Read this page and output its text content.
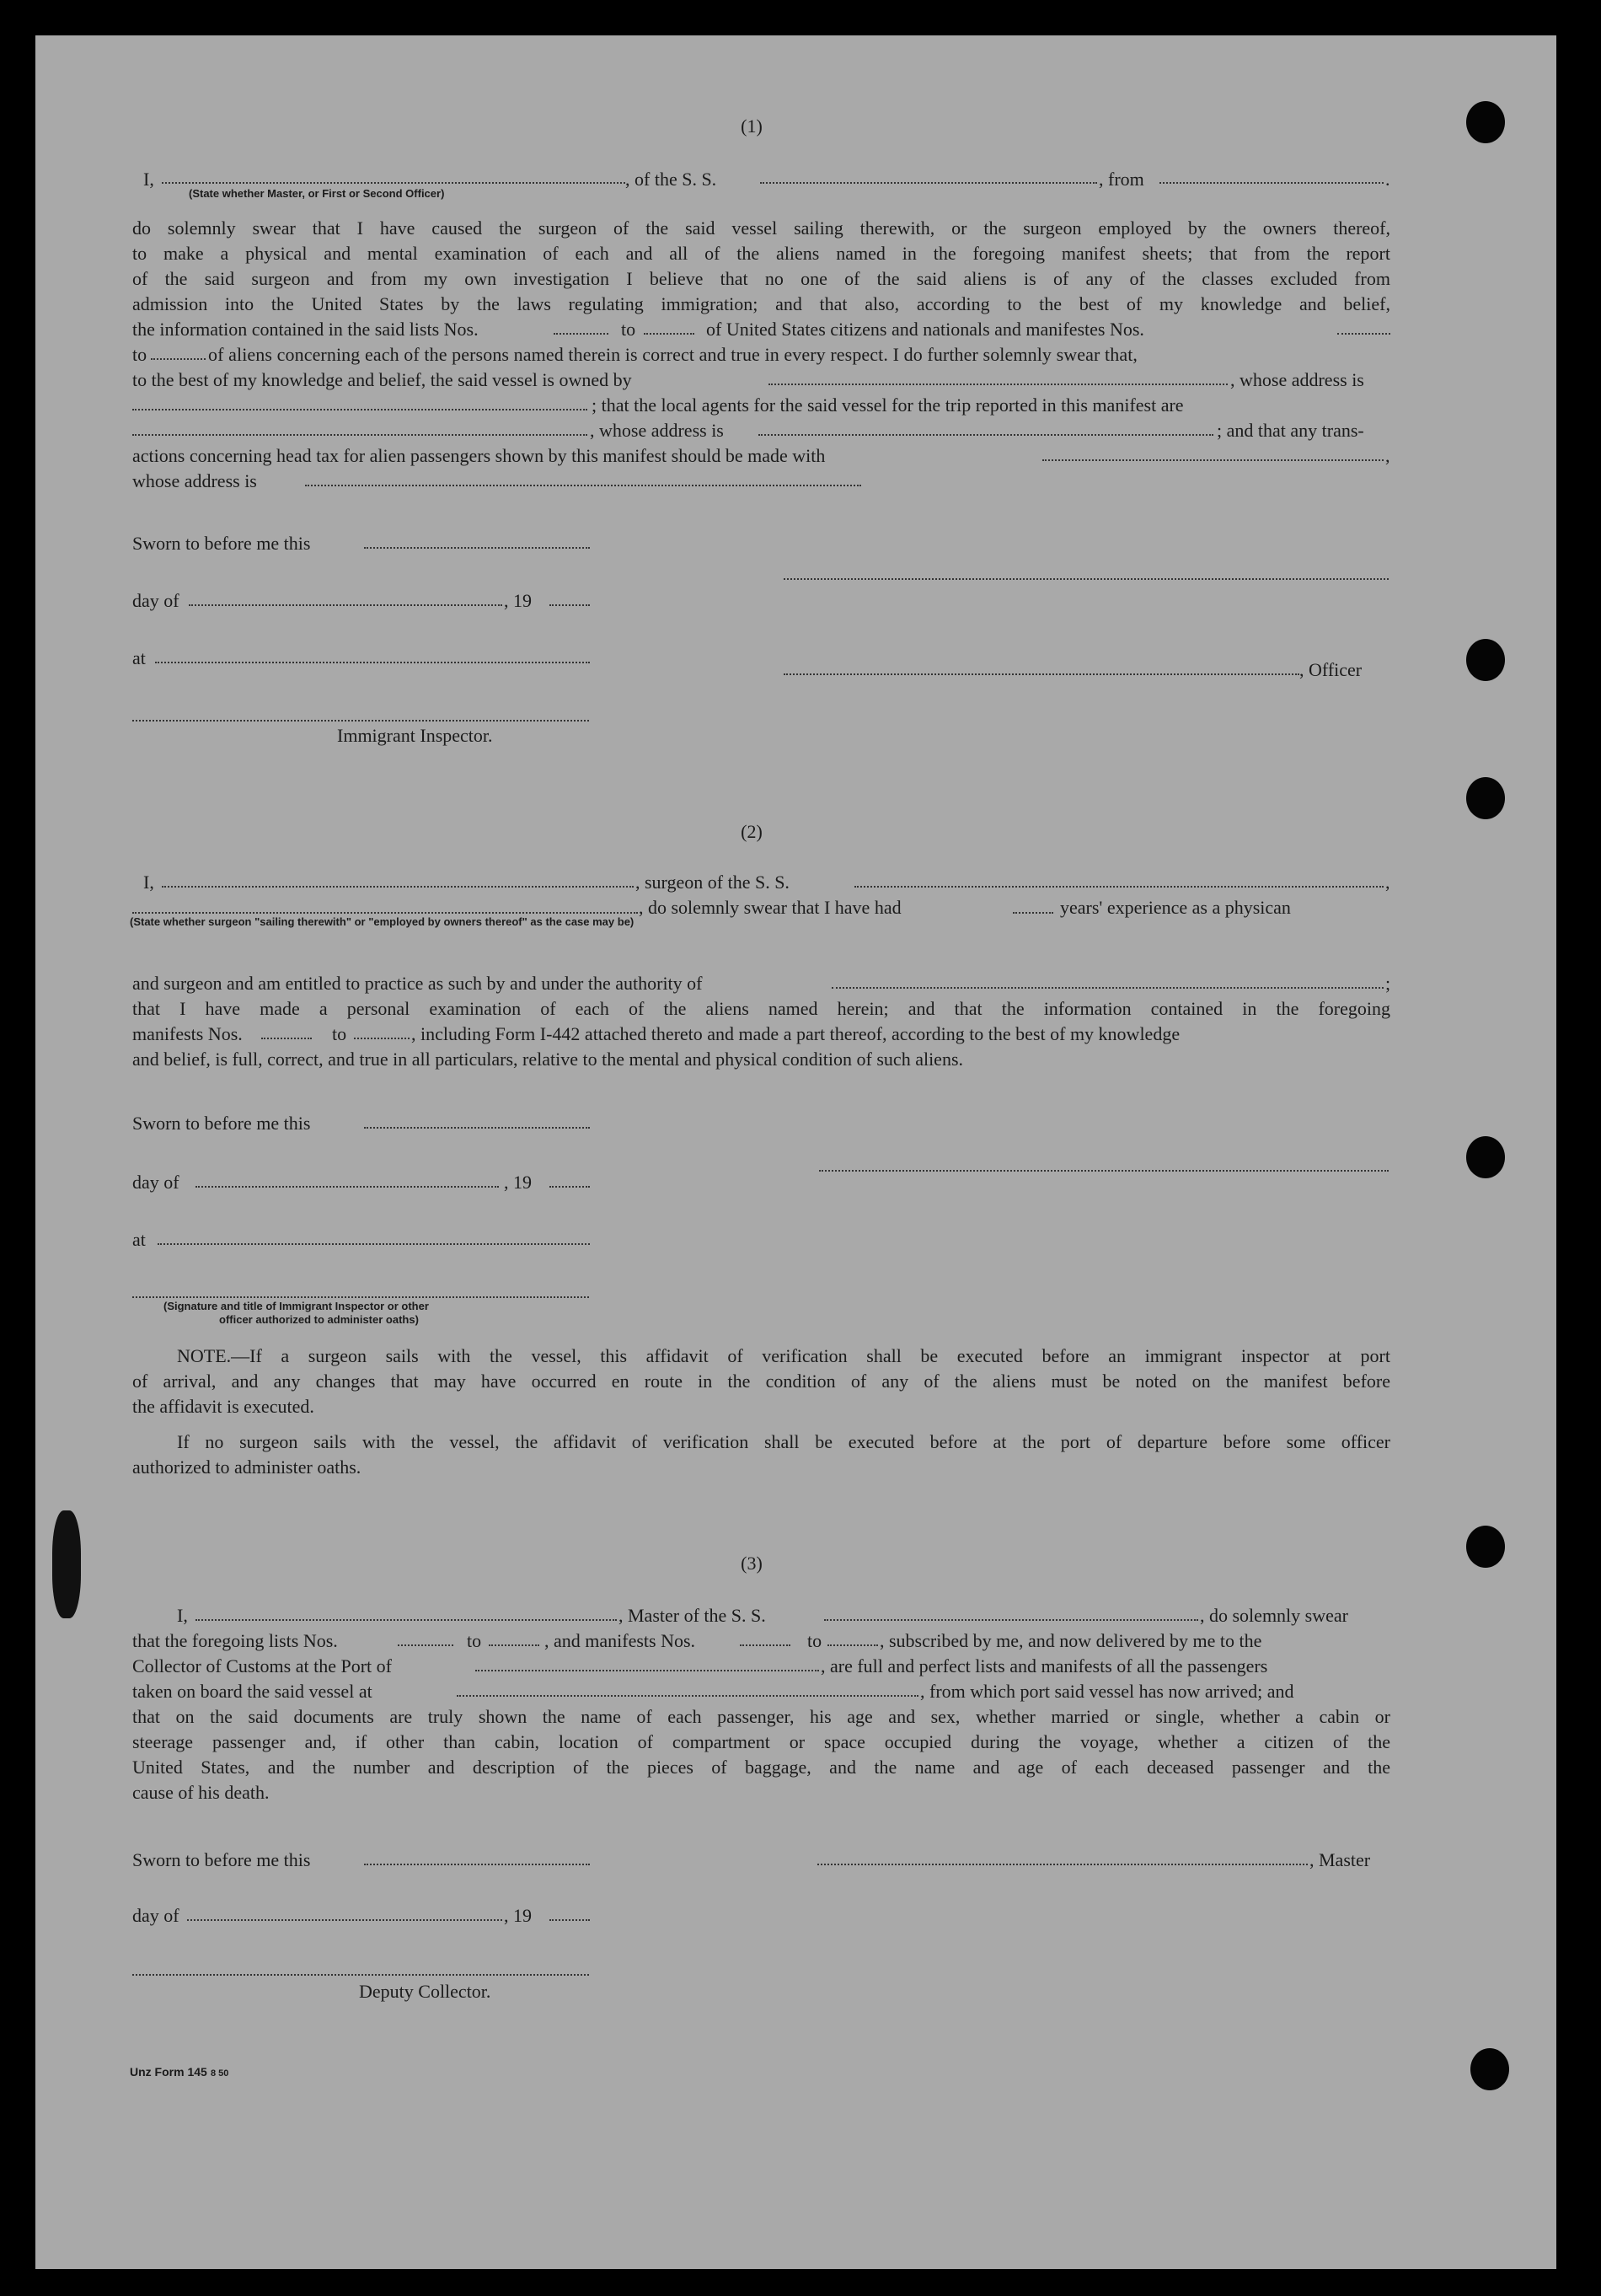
(1)
I,	, of the S. S.	, from	.
(State whether Master, or First or Second Officer)
do solemnly swear that I have caused the surgeon of the said vessel sailing therewith, or the surgeon employed by the owners thereof,
to make a physical and mental examination of each and all of the aliens named in the foregoing manifest sheets; that from the report
of the said surgeon and from my own investigation I believe that no one of the said aliens is of any of the classes excluded from
admission into the United States by the laws regulating immigration; and that also, according to the best of my knowledge and belief,
the information contained in the said lists Nos.	to	of United States citizens and nationals and manifestes Nos.
to	of aliens concerning each of the persons named therein is correct and true in every respect. I do further solemnly swear that,
to the best of my knowledge and belief, the said vessel is owned by	, whose address is
; that the local agents for the said vessel for the trip reported in this manifest are
, whose address is	; and that any trans-
actions concerning head tax for alien passengers shown by this manifest should be made with	,
whose address is
Sworn to before me this
day of	, 19
at
, Officer
Immigrant Inspector.
(2)
I,	, surgeon of the S. S.	,
, do solemnly swear that I have had	years' experience as a physican
(State whether surgeon "sailing therewith" or "employed by owners thereof" as the case may be)
and surgeon and am entitled to practice as such by and under the authority of	;
that I have made a personal examination of each of the aliens named herein; and that the information contained in the foregoing
manifests Nos.	to	, including Form I-442 attached thereto and made a part thereof, according to the best of my knowledge
and belief, is full, correct, and true in all particulars, relative to the mental and physical condition of such aliens.
Sworn to before me this
day of	, 19
at
(Signature and title of Immigrant Inspector or other
officer authorized to administer oaths)
NOTE.—If a surgeon sails with the vessel, this affidavit of verification shall be executed before an immigrant inspector at port
of arrival, and any changes that may have occurred en route in the condition of any of the aliens must be noted on the manifest before
the affidavit is executed.
If no surgeon sails with the vessel, the affidavit of verification shall be executed before at the port of departure before some officer
authorized to administer oaths.
(3)
I,	, Master of the S. S.	, do solemnly swear
that the foregoing lists Nos.	to	, and manifests Nos.	to	, subscribed by me, and now delivered by me to the
Collector of Customs at the Port of	, are full and perfect lists and manifests of all the passengers
taken on board the said vessel at	, from which port said vessel has now arrived; and
that on the said documents are truly shown the name of each passenger, his age and sex, whether married or single, whether a cabin or
steerage passenger and, if other than cabin, location of compartment or space occupied during the voyage, whether a citizen of the
United States, and the number and description of the pieces of baggage, and the name and age of each deceased passenger and the
cause of his death.
Sworn to before me this	, Master
day of	, 19
Deputy Collector.
Unz Form 145 8 50
